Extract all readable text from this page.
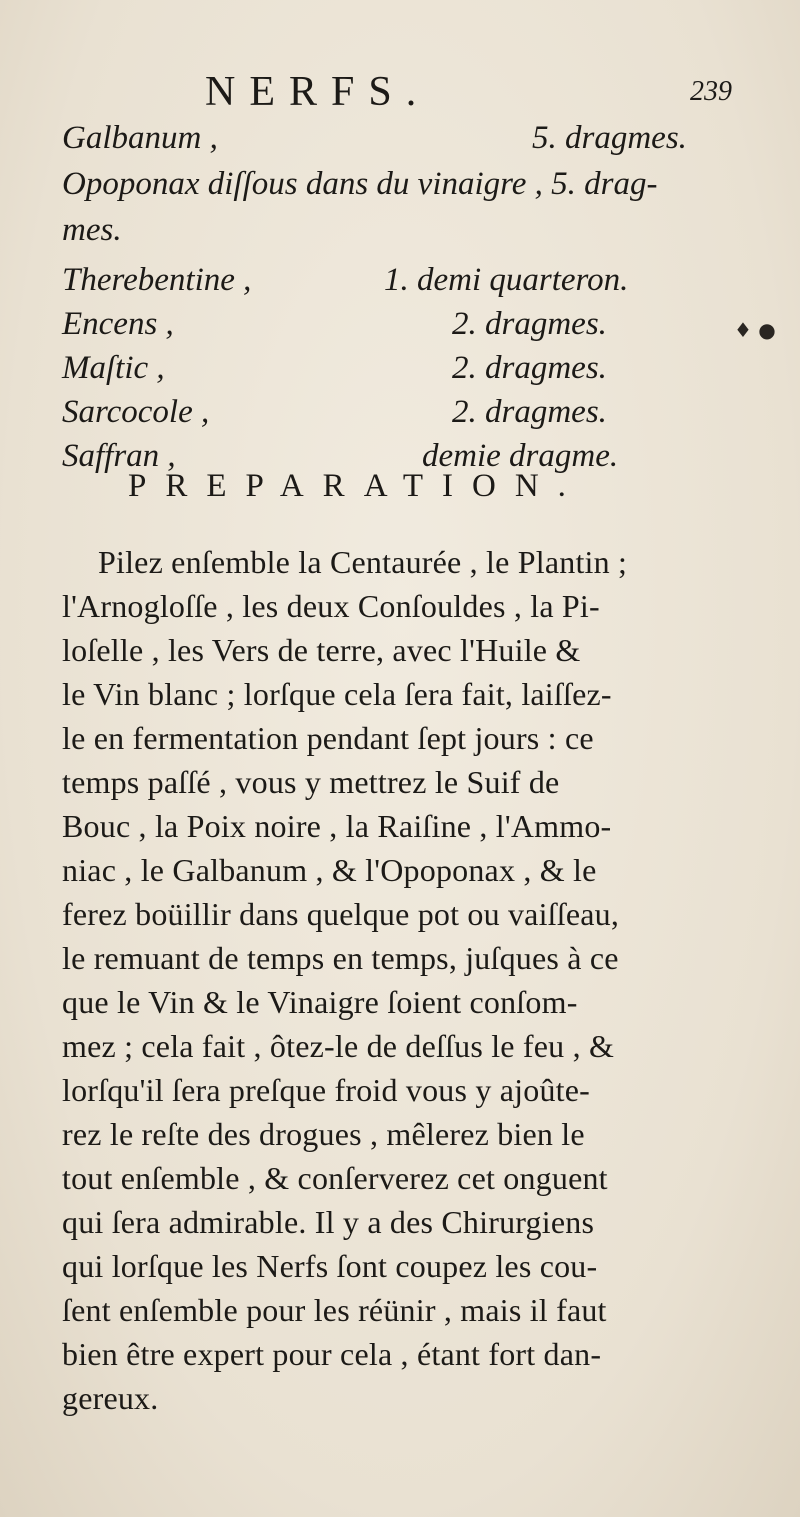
NERFS.	239
Galbanum ,	5. dragmes.
Opoponax diſſous dans du vinaigre , 5. drag-
mes.
Therebentine ,	1. demi quarteron.
Encens ,	2. dragmes.
Maſtic ,	2. dragmes.
Sarcocole ,	2. dragmes.
Saffran ,	demie dragme.
♦ ●
PREPARATION.
Pilez enſemble la Centaurée , le Plantin ;
l'Arnogloſſe , les deux Conſouldes , la Pi-
loſelle , les Vers de terre, avec l'Huile &
le Vin blanc ; lorſque cela ſera fait, laiſſez-
le en fermentation pendant ſept jours : ce
temps paſſé , vous y mettrez le Suif de
Bouc , la Poix noire , la Raiſine , l'Ammo-
niac , le Galbanum , & l'Opoponax , & le
ferez boüillir dans quelque pot ou vaiſſeau,
le remuant de temps en temps, juſques à ce
que le Vin & le Vinaigre ſoient conſom-
mez ; cela fait , ôtez-le de deſſus le feu , &
lorſqu'il ſera preſque froid vous y ajoûte-
rez le reſte des drogues , mêlerez bien le
tout enſemble , & conſerverez cet onguent
qui ſera admirable. Il y a des Chirurgiens
qui lorſque les Nerfs ſont coupez les cou-
ſent enſemble pour les réünir , mais il faut
bien être expert pour cela , étant fort dan-
gereux.
